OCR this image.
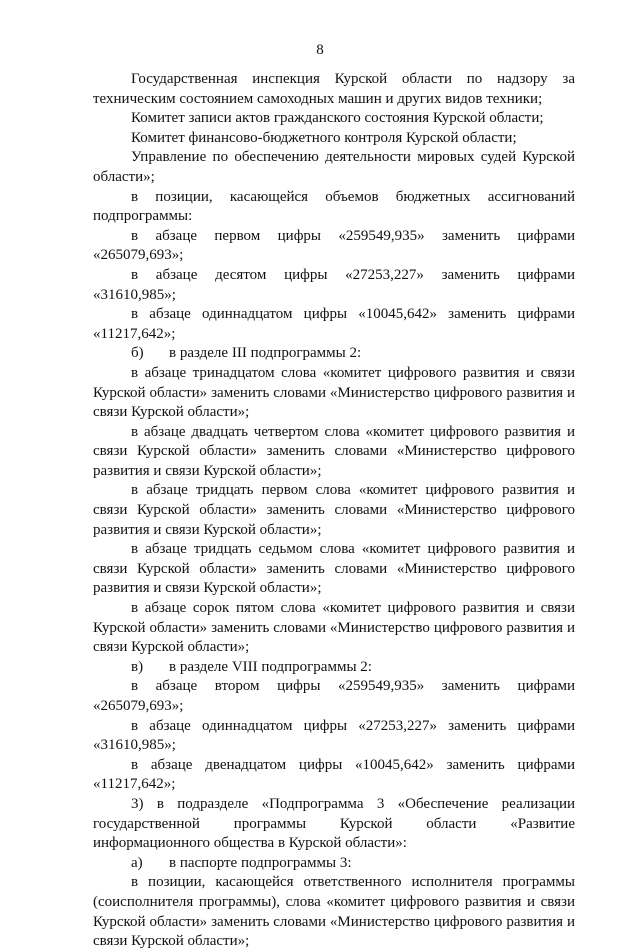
8

Государственная инспекция Курской области по надзору за техническим состоянием самоходных машин и других видов техники;

Комитет записи актов гражданского состояния Курской области;

Комитет финансово-бюджетного контроля Курской области;

Управление по обеспечению деятельности мировых судей Курской области»;

в позиции, касающейся объемов бюджетных ассигнований подпрограммы:

в абзаце первом цифры «259549,935» заменить цифрами «265079,693»;

в абзаце десятом цифры «27253,227» заменить цифрами «31610,985»;

в абзаце одиннадцатом цифры «10045,642» заменить цифрами «11217,642»;

б) в разделе III подпрограммы 2:

в абзаце тринадцатом слова «комитет цифрового развития и связи Курской области» заменить словами «Министерство цифрового развития и связи Курской области»;

в абзаце двадцать четвертом слова «комитет цифрового развития и связи Курской области» заменить словами «Министерство цифрового развития и связи Курской области»;

в абзаце тридцать первом слова «комитет цифрового развития и связи Курской области» заменить словами «Министерство цифрового развития и связи Курской области»;

в абзаце тридцать седьмом слова «комитет цифрового развития и связи Курской области» заменить словами «Министерство цифрового развития и связи Курской области»;

в абзаце сорок пятом слова «комитет цифрового развития и связи Курской области» заменить словами «Министерство цифрового развития и связи Курской области»;

в) в разделе VIII подпрограммы 2:

в абзаце втором цифры «259549,935» заменить цифрами «265079,693»;

в абзаце одиннадцатом цифры «27253,227» заменить цифрами «31610,985»;

в абзаце двенадцатом цифры «10045,642» заменить цифрами «11217,642»;

3) в подразделе «Подпрограмма 3 «Обеспечение реализации государственной программы Курской области «Развитие информационного общества в Курской области»:

а) в паспорте подпрограммы 3:

в позиции, касающейся ответственного исполнителя программы (соисполнителя программы), слова «комитет цифрового развития и связи Курской области» заменить словами «Министерство цифрового развития и связи Курской области»;
